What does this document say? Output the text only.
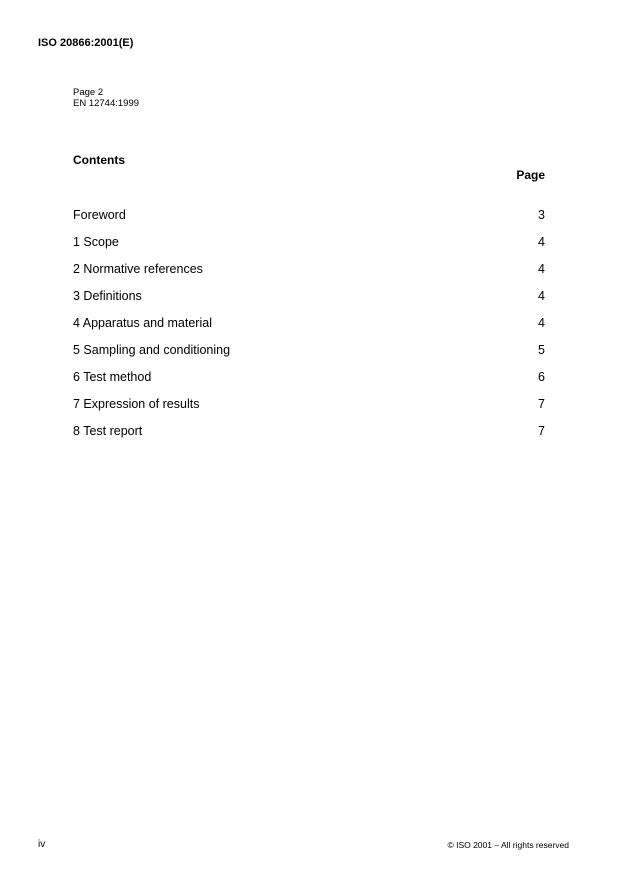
ISO 20866:2001(E)
Page 2
EN 12744:1999
Contents
Page
Foreword	3
1 Scope	4
2 Normative references	4
3 Definitions	4
4 Apparatus and material	4
5 Sampling and conditioning	5
6 Test method	6
7 Expression of results	7
8 Test report	7
iv	© ISO 2001 – All rights reserved
